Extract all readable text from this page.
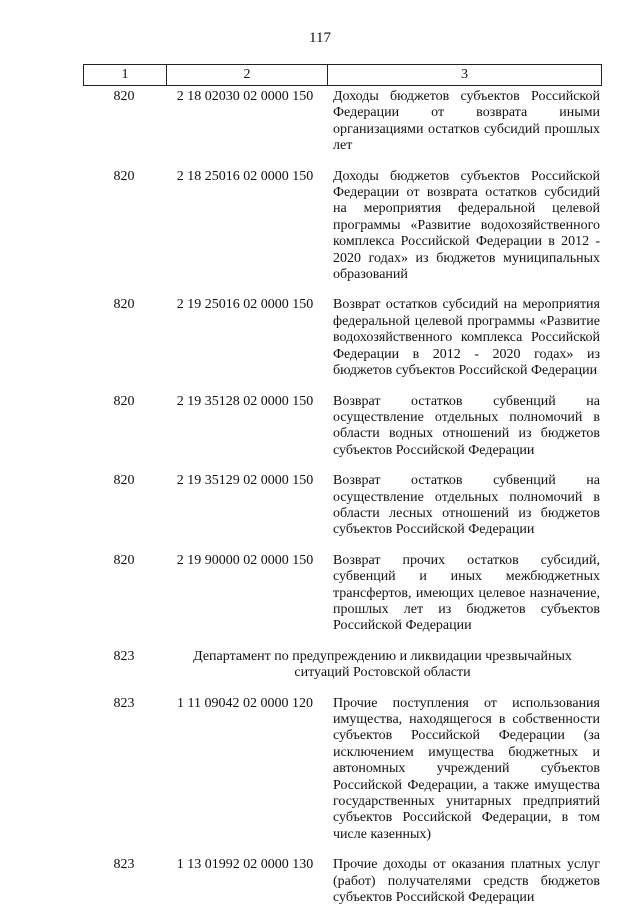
117
1	2	3
820	2 18 02030 02 0000 150	Доходы бюджетов субъектов Российской Федерации от возврата иными организациями остатков субсидий прошлых лет
820	2 18 25016 02 0000 150	Доходы бюджетов субъектов Российской Федерации от возврата остатков субсидий на мероприятия федеральной целевой программы «Развитие водохозяйственного комплекса Российской Федерации в 2012 - 2020 годах» из бюджетов муниципальных образований
820	2 19 25016 02 0000 150	Возврат остатков субсидий на мероприятия федеральной целевой программы «Развитие водохозяйственного комплекса Российской Федерации в 2012 - 2020 годах» из бюджетов субъектов Российской Федерации
820	2 19 35128 02 0000 150	Возврат остатков субвенций на осуществление отдельных полномочий в области водных отношений из бюджетов субъектов Российской Федерации
820	2 19 35129 02 0000 150	Возврат остатков субвенций на осуществление отдельных полномочий в области лесных отношений из бюджетов субъектов Российской Федерации
820	2 19 90000 02 0000 150	Возврат прочих остатков субсидий, субвенций и иных межбюджетных трансфертов, имеющих целевое назначение, прошлых лет из бюджетов субъектов Российской Федерации
823	Департамент по предупреждению и ликвидации чрезвычайных ситуаций Ростовской области
823	1 11 09042 02 0000 120	Прочие поступления от использования имущества, находящегося в собственности субъектов Российской Федерации (за исключением имущества бюджетных и автономных учреждений субъектов Российской Федерации, а также имущества государственных унитарных предприятий субъектов Российской Федерации, в том числе казенных)
823	1 13 01992 02 0000 130	Прочие доходы от оказания платных услуг (работ) получателями средств бюджетов субъектов Российской Федерации
